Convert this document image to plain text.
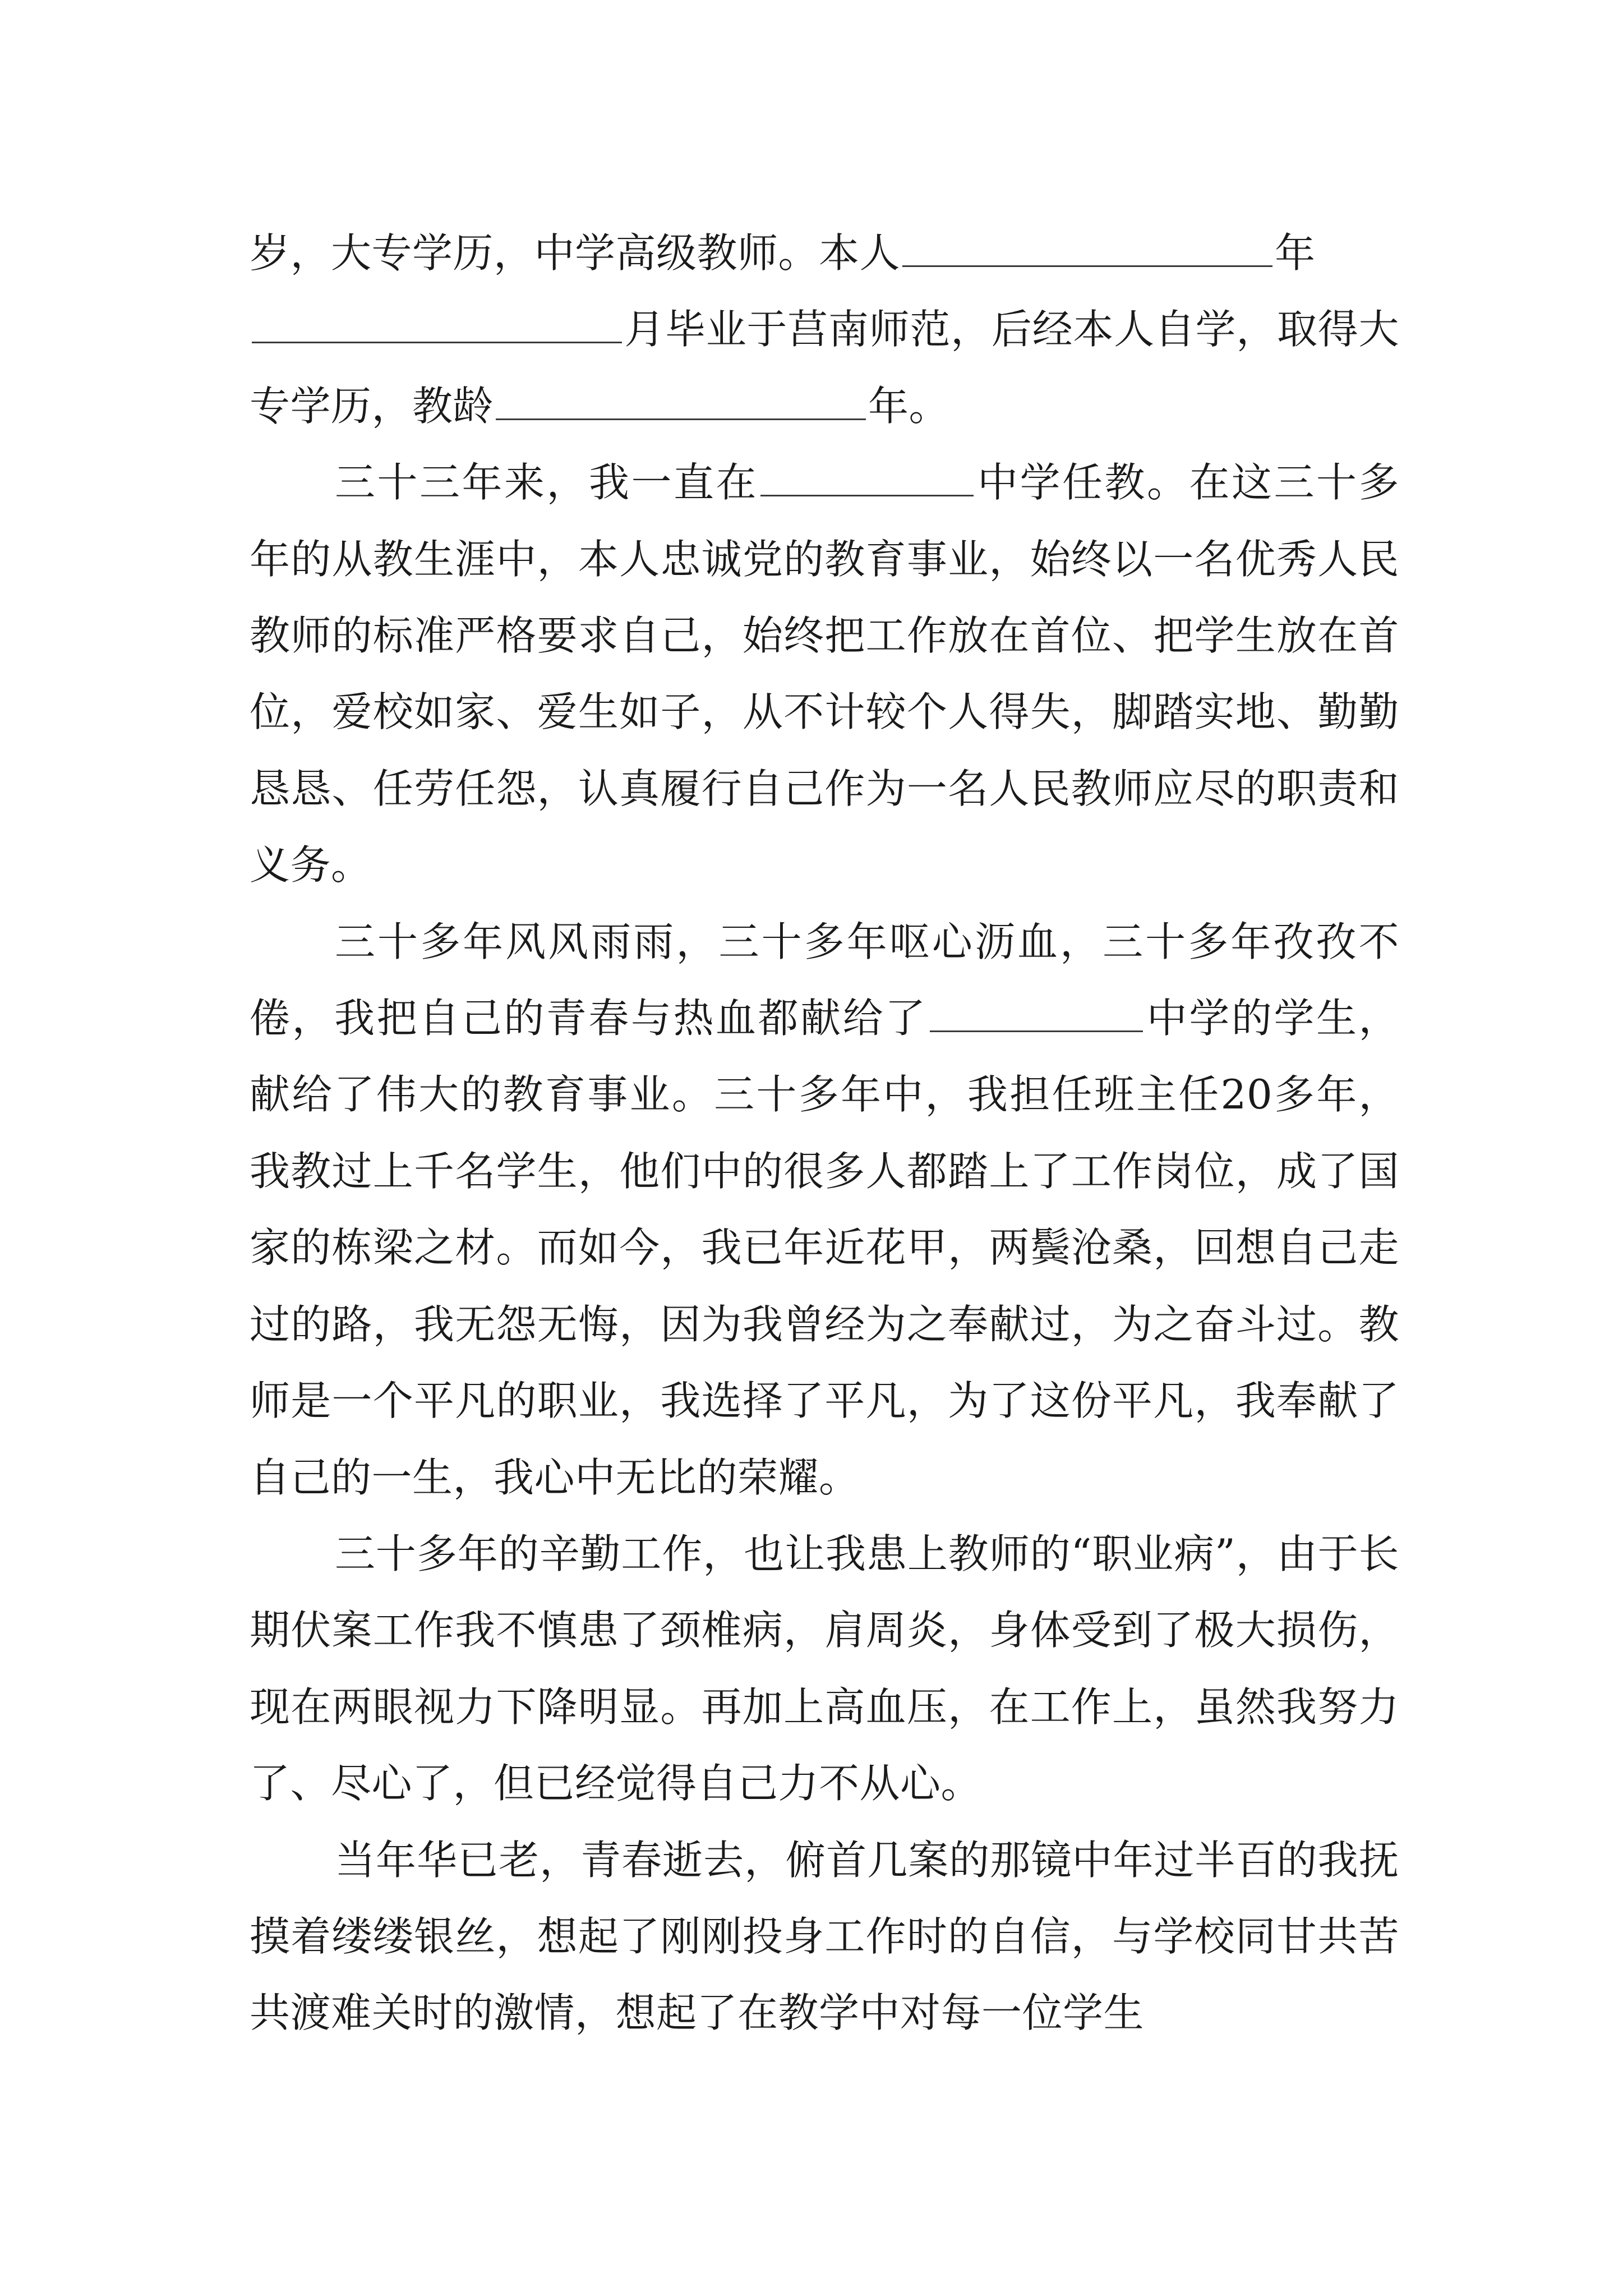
岁，大专学历，中学高级教师。本人	年
月毕业于莒南师范，后经本人自学，取得大专学历，教龄	年。

三十三年来，我一直在	中学任教。在这三十多年的从教生涯中，本人忠诚党的教育事业，始终以一名优秀人民教师的标准严格要求自己，始终把工作放在首位、把学生放在首位，爱校如家、爱生如子，从不计较个人得失，脚踏实地、勤勤恳恳、任劳任怨，认真履行自己作为一名人民教师应尽的职责和义务。

三十多年风风雨雨，三十多年呕心沥血，三十多年孜孜不倦，我把自己的青春与热血都献给了	中学的学生，献给了伟大的教育事业。三十多年中，我担任班主任20多年，我教过上千名学生，他们中的很多人都踏上了工作岗位，成了国家的栋梁之材。而如今，我已年近花甲，两鬓沧桑，回想自己走过的路，我无怨无悔，因为我曾经为之奉献过，为之奋斗过。教师是一个平凡的职业，我选择了平凡，为了这份平凡，我奉献了自己的一生，我心中无比的荣耀。

三十多年的辛勤工作，也让我患上教师的“职业病”，由于长期伏案工作我不慎患了颈椎病，肩周炎，身体受到了极大损伤，现在两眼视力下降明显。再加上高血压，在工作上，虽然我努力了、尽心了，但已经觉得自己力不从心。

当年华已老，青春逝去，俯首几案的那镜中年过半百的我抚摸着缕缕银丝，想起了刚刚投身工作时的自信，与学校同甘共苦共渡难关时的激情，想起了在教学中对每一位学生
